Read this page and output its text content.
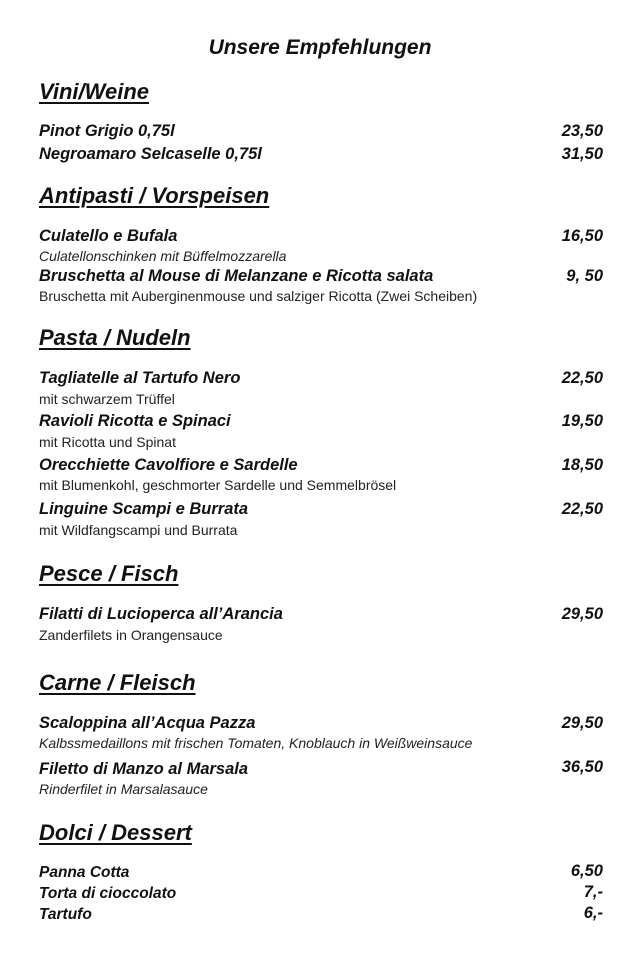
Unsere Empfehlungen
Vini/Weine
Pinot Grigio 0,75l	23,50
Negroamaro Selcaselle 0,75l	31,50
Antipasti / Vorspeisen
Culatello e Bufala	16,50
Culatellonschinken mit Büffelmozzarella
Bruschetta al Mouse di Melanzane e Ricotta salata	9, 50
Bruschetta mit Auberginenmouse und salziger Ricotta (Zwei Scheiben)
Pasta / Nudeln
Tagliatelle al Tartufo Nero	22,50
mit schwarzem Trüffel
Ravioli Ricotta e Spinaci	19,50
mit Ricotta und Spinat
Orecchiette Cavolfiore e Sardelle	18,50
mit Blumenkohl, geschmorter Sardelle und Semmelbrösel
Linguine Scampi e Burrata	22,50
mit Wildfangscampi und Burrata
Pesce / Fisch
Filatti di Lucioperca all’Arancia	29,50
Zanderfilets in Orangensauce
Carne / Fleisch
Scaloppina all’Acqua Pazza	29,50
Kalbssmedaillons mit frischen Tomaten, Knoblauch in Weißweinsauce
Filetto di Manzo al Marsala	36,50
Rinderfilet in Marsalasauce
Dolci / Dessert
Panna Cotta	6,50
Torta di cioccolato	7,-
Tartufo	6,-
